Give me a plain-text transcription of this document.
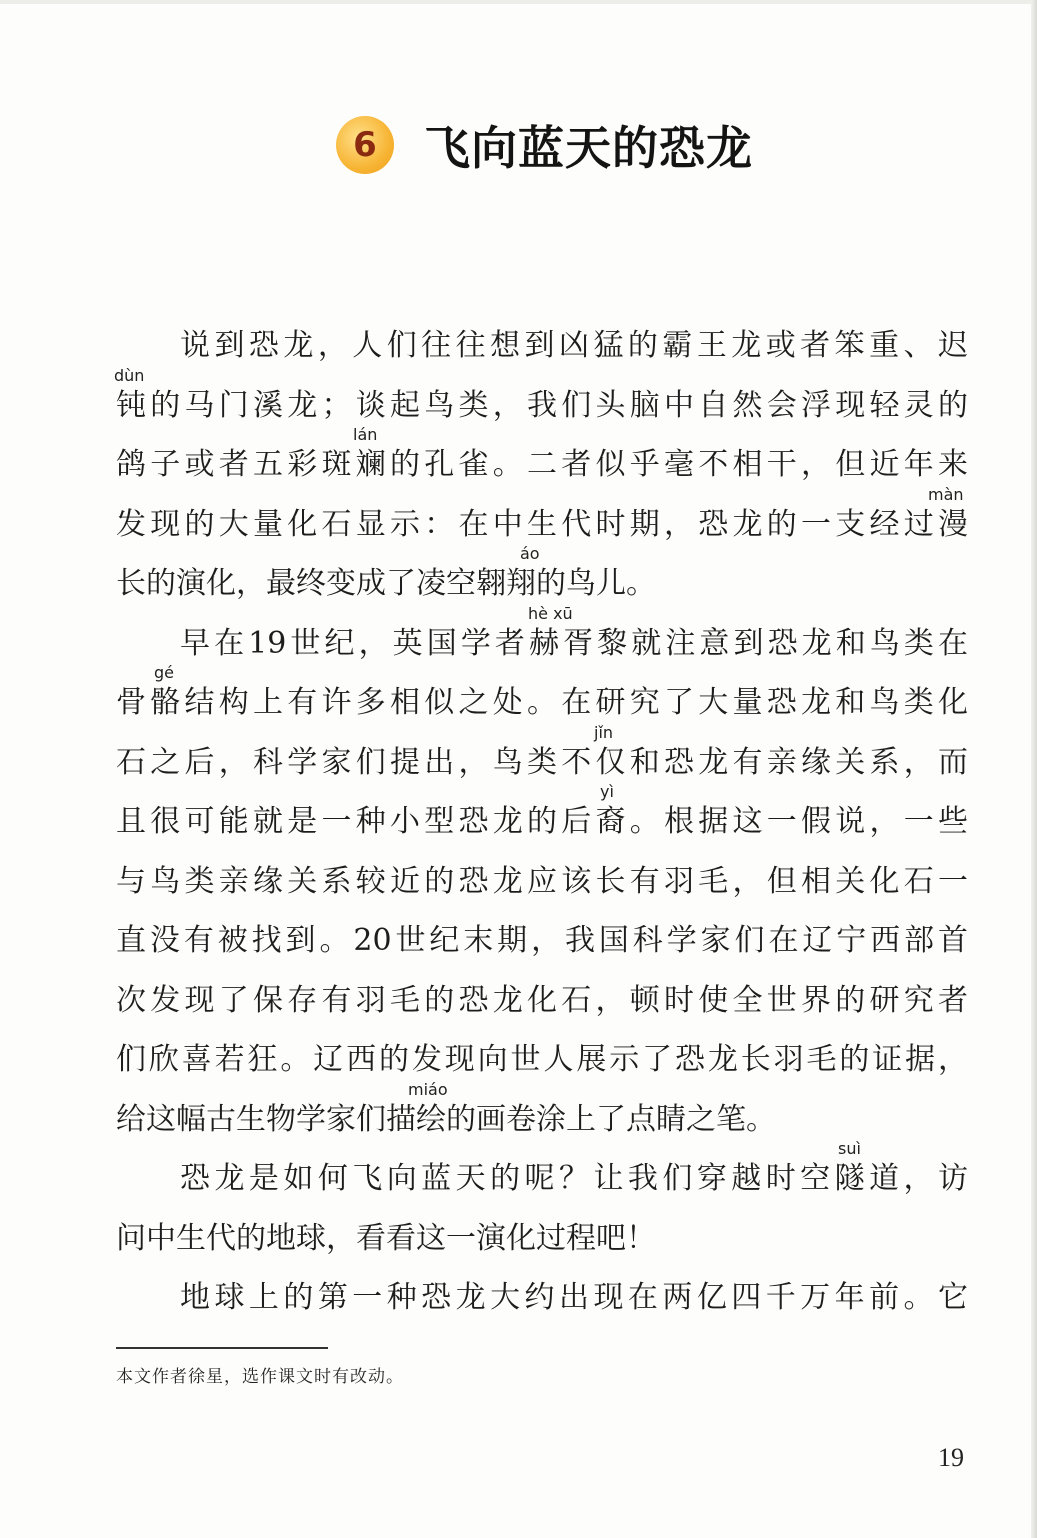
6	飞向蓝天的恐龙
说到恐龙，人们往往想到凶猛的霸王龙或者笨重、迟
dùn
钝的马门溪龙；谈起鸟类，我们头脑中自然会浮现轻灵的
lán
鸽子或者五彩斑斓的孔雀。二者似乎毫不相干，但近年来
màn
发现的大量化石显示：在中生代时期，恐龙的一支经过漫
áo
长的演化，最终变成了凌空翱翔的鸟儿。
hè xū
早在19世纪，英国学者赫胥黎就注意到恐龙和鸟类在
gé
骨骼结构上有许多相似之处。在研究了大量恐龙和鸟类化
jǐn
石之后，科学家们提出，鸟类不仅和恐龙有亲缘关系，而
yì
且很可能就是一种小型恐龙的后裔。根据这一假说，一些
与鸟类亲缘关系较近的恐龙应该长有羽毛，但相关化石一
直没有被找到。20世纪末期，我国科学家们在辽宁西部首
次发现了保存有羽毛的恐龙化石，顿时使全世界的研究者
们欣喜若狂。辽西的发现向世人展示了恐龙长羽毛的证据，
miáo
给这幅古生物学家们描绘的画卷涂上了点睛之笔。
suì
恐龙是如何飞向蓝天的呢？让我们穿越时空隧道，访
问中生代的地球，看看这一演化过程吧！
地球上的第一种恐龙大约出现在两亿四千万年前。它
本文作者徐星，选作课文时有改动。
19
